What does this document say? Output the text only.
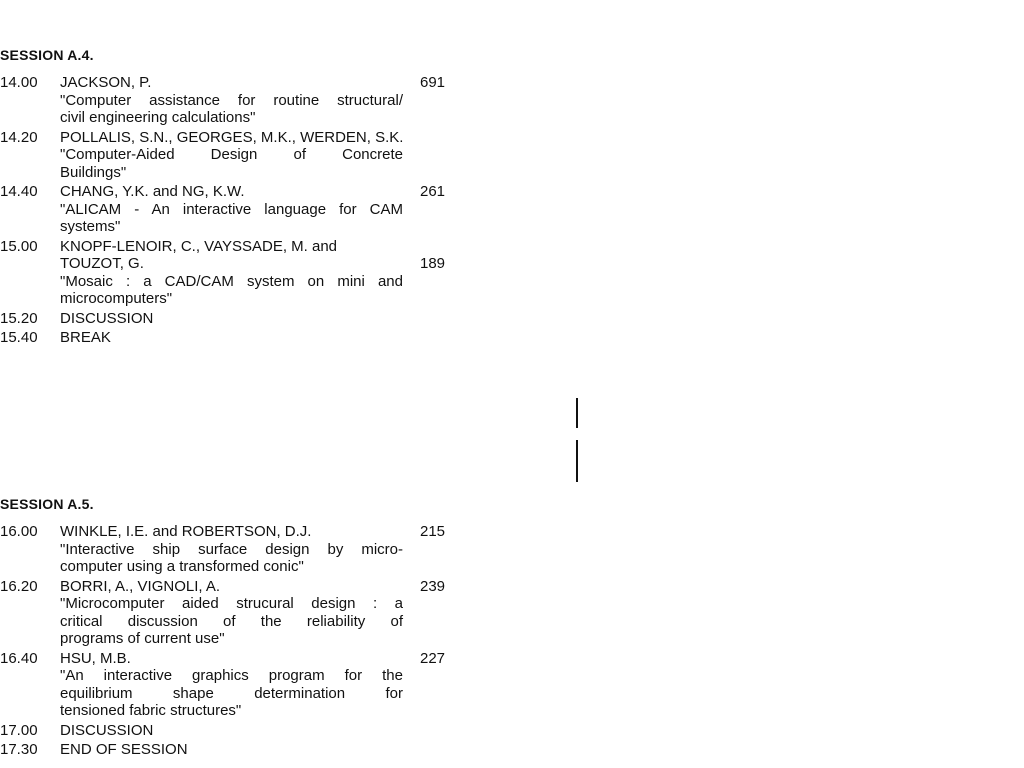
SESSION A.4.
14.00	JACKSON, P.
"Computer assistance for routine structural/
civil engineering calculations"
691
14.20	POLLALIS, S.N., GEORGES, M.K., WERDEN, S.K.
"Computer-Aided Design of Concrete
Buildings"
14.40	CHANG, Y.K. and NG, K.W.
"ALICAM - An interactive language for CAM
systems"
261
15.00	KNOPF-LENOIR, C., VAYSSADE, M. and
TOUZOT, G.
"Mosaic : a CAD/CAM system on mini and
microcomputers"
189
15.20	DISCUSSION
15.40	BREAK
SESSION A.5.
16.00	WINKLE, I.E. and ROBERTSON, D.J.
"Interactive ship surface design by micro-
computer using a transformed conic"
215
16.20	BORRI, A., VIGNOLI, A.
"Microcomputer aided strucural design : a
critical discussion of the reliability of
programs of current use"
239
16.40	HSU, M.B.
"An interactive graphics program for the
equilibrium shape determination for
tensioned fabric structures"
227
17.00	DISCUSSION
17.30	END OF SESSION
